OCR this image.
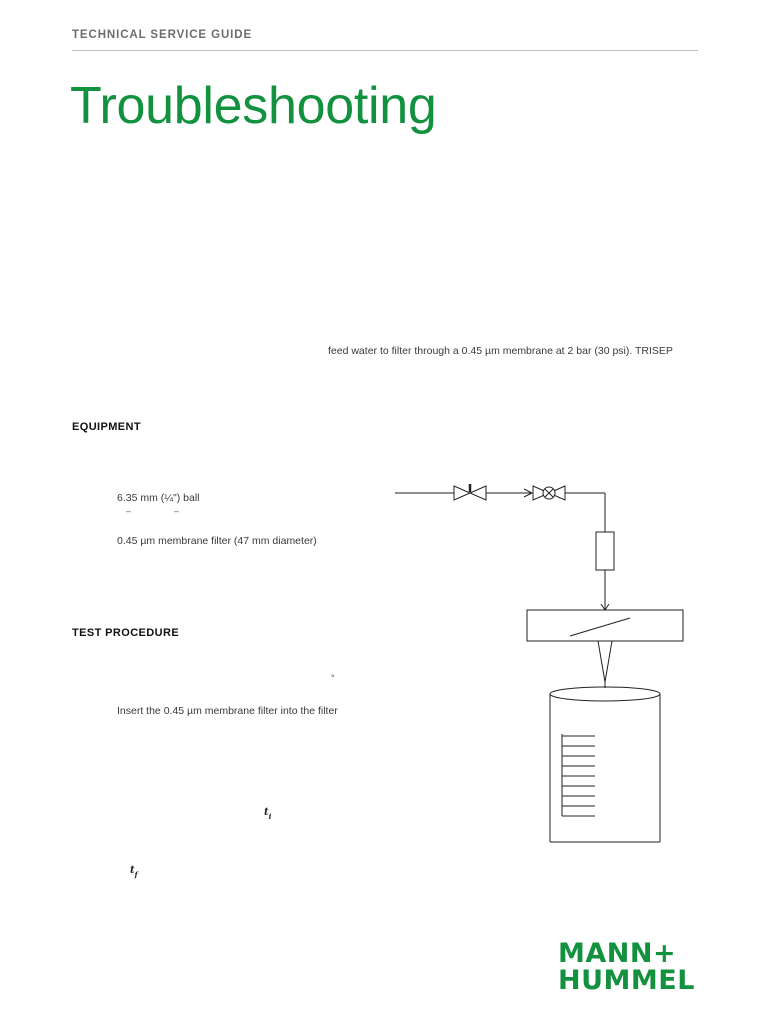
TECHNICAL SERVICE GUIDE
Troubleshooting
feed water to filter through a 0.45 µm membrane at 2 bar (30 psi). TRISEP
EQUIPMENT
6.35 mm (¼") ball
–	–
0.45 µm membrane filter (47 mm diameter)
TEST PROCEDURE
°
Insert the 0.45 µm membrane filter into the filter
$t_i$
$t_f$
MANN+
HUMMEL
